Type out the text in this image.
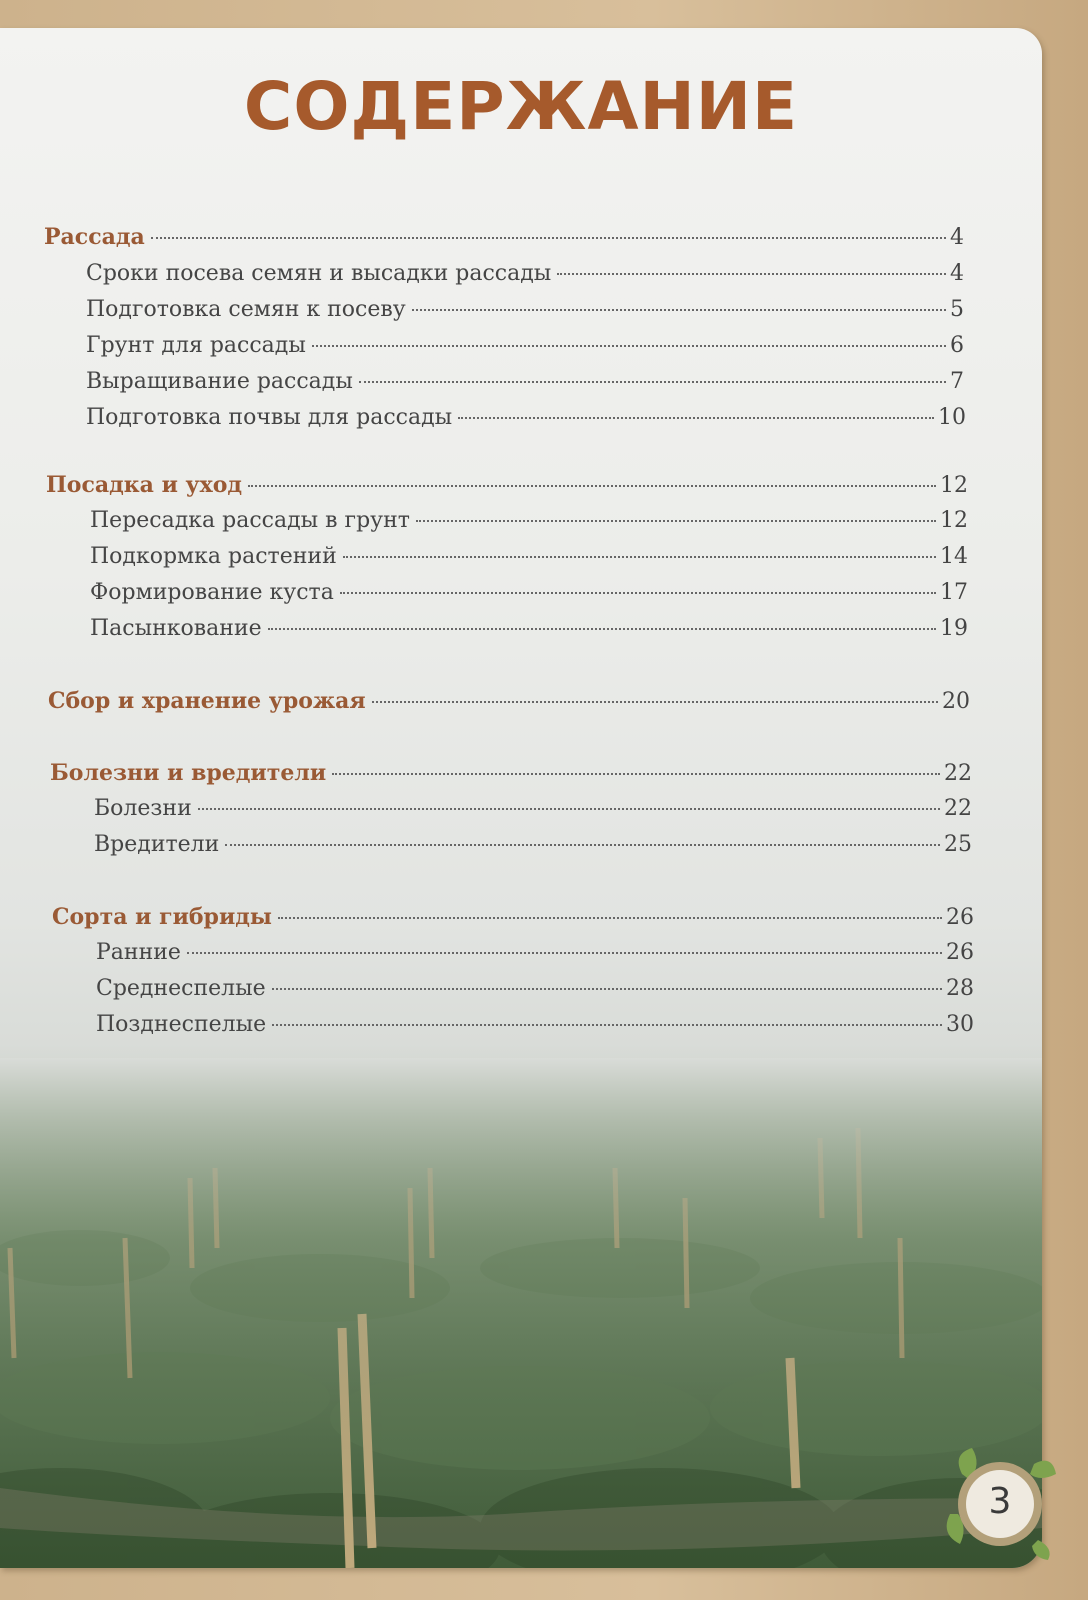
СОДЕРЖАНИЕ
Рассада	4
Сроки посева семян и высадки рассады	4
Подготовка семян к посеву	5
Грунт для рассады	6
Выращивание рассады	7
Подготовка почвы для рассады	10
Посадка и уход	12
Пересадка рассады в грунт	12
Подкормка растений	14
Формирование куста	17
Пасынкование	19
Сбор и хранение урожая	20
Болезни и вредители	22
Болезни	22
Вредители	25
Сорта и гибриды	26
Ранние	26
Среднеспелые	28
Позднеспелые	30
3
